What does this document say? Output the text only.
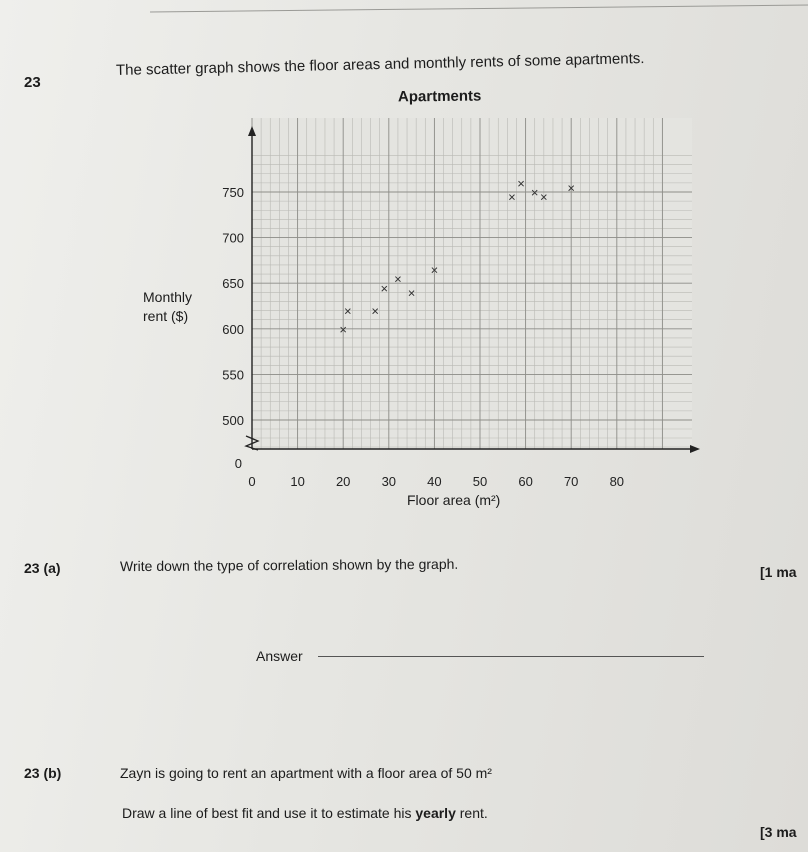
23
The scatter graph shows the floor areas and monthly rents of some apartments.
Apartments
0	10 20 30 40 50 60 70 80
0
500
550
600
650
700
750
×
× ×
×
×
×
×
×
×
× ×
×
Monthly
rent ($)
Floor area (m²)
23 (a)	Write down the type of correlation shown by the graph.	[1 ma
Answer
23 (b)	Zayn is going to rent an apartment with a floor area of 50 m²
Draw a line of best fit and use it to estimate his yearly rent.
[3 ma
